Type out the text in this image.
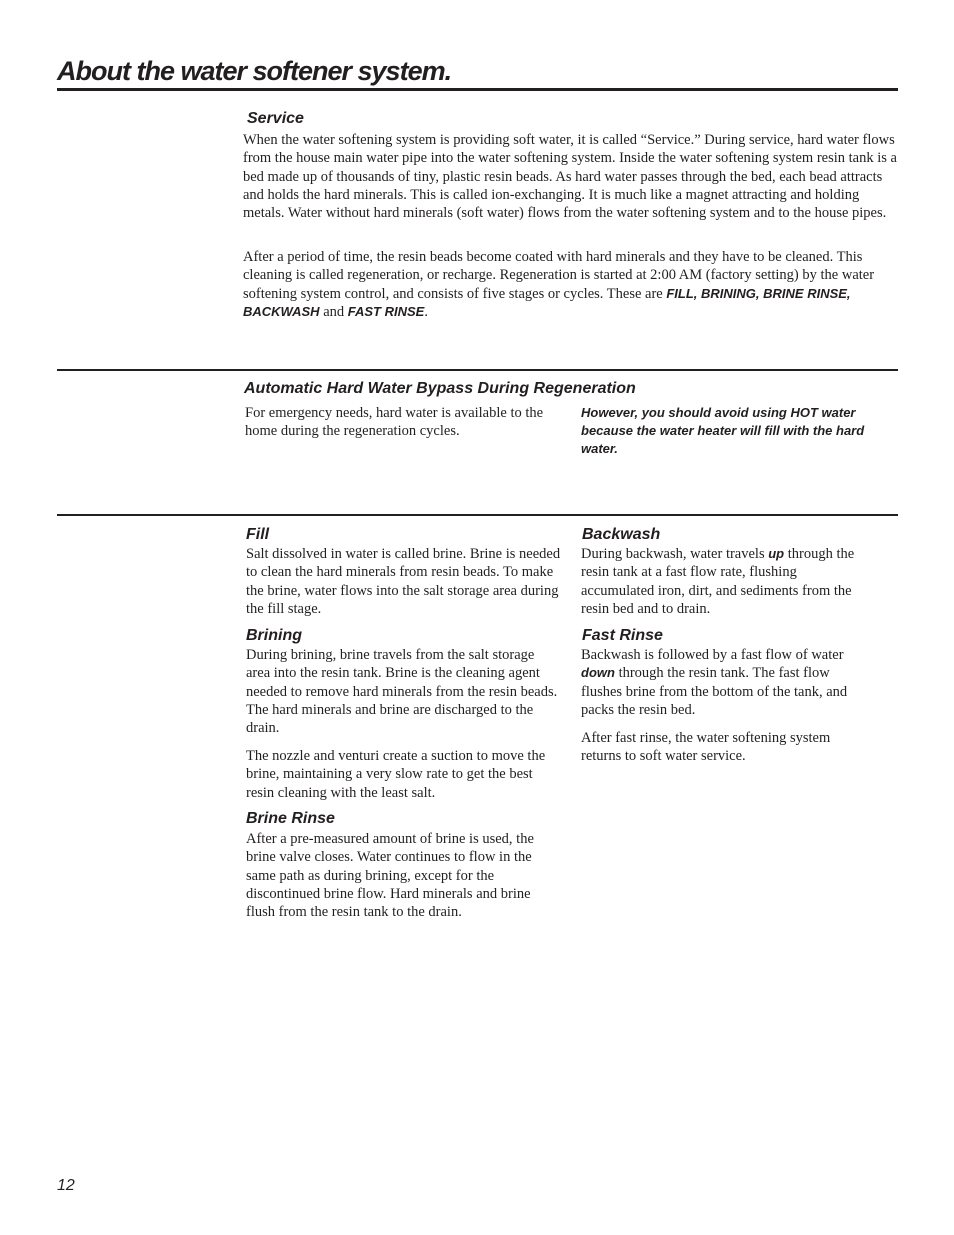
About the water softener system.
Service

When the water softening system is providing soft water, it is called “Service.” During service, hard water flows from the house main water pipe into the water softening system. Inside the water softening system resin tank is a bed made up of thousands of tiny, plastic resin beads. As hard water passes through the bed, each bead attracts and holds the hard minerals. This is called ion-exchanging. It is much like a magnet attracting and holding metals. Water without hard minerals (soft water) flows from the water softening system and to the house pipes.

After a period of time, the resin beads become coated with hard minerals and they have to be cleaned. This cleaning is called regeneration, or recharge. Regeneration is started at 2:00 AM (factory setting) by the water softening system control, and consists of five stages or cycles. These are FILL, BRINING, BRINE RINSE, BACKWASH and FAST RINSE.

Automatic Hard Water Bypass During Regeneration

For emergency needs, hard water is available to the home during the regeneration cycles.

However, you should avoid using HOT water because the water heater will fill with the hard water.

Fill

Salt dissolved in water is called brine. Brine is needed to clean the hard minerals from resin beads. To make the brine, water flows into the salt storage area during the fill stage.

Brining

During brining, brine travels from the salt storage area into the resin tank. Brine is the cleaning agent needed to remove hard minerals from the resin beads. The hard minerals and brine are discharged to the drain.

The nozzle and venturi create a suction to move the brine, maintaining a very slow rate to get the best resin cleaning with the least salt.

Brine Rinse

After a pre-measured amount of brine is used, the brine valve closes. Water continues to flow in the same path as during brining, except for the discontinued brine flow. Hard minerals and brine flush from the resin tank to the drain.

Backwash

During backwash, water travels up through the resin tank at a fast flow rate, flushing accumulated iron, dirt, and sediments from the resin bed and to drain.

Fast Rinse

Backwash is followed by a fast flow of water down through the resin tank. The fast flow flushes brine from the bottom of the tank, and packs the resin bed.

After fast rinse, the water softening system returns to soft water service.

12
